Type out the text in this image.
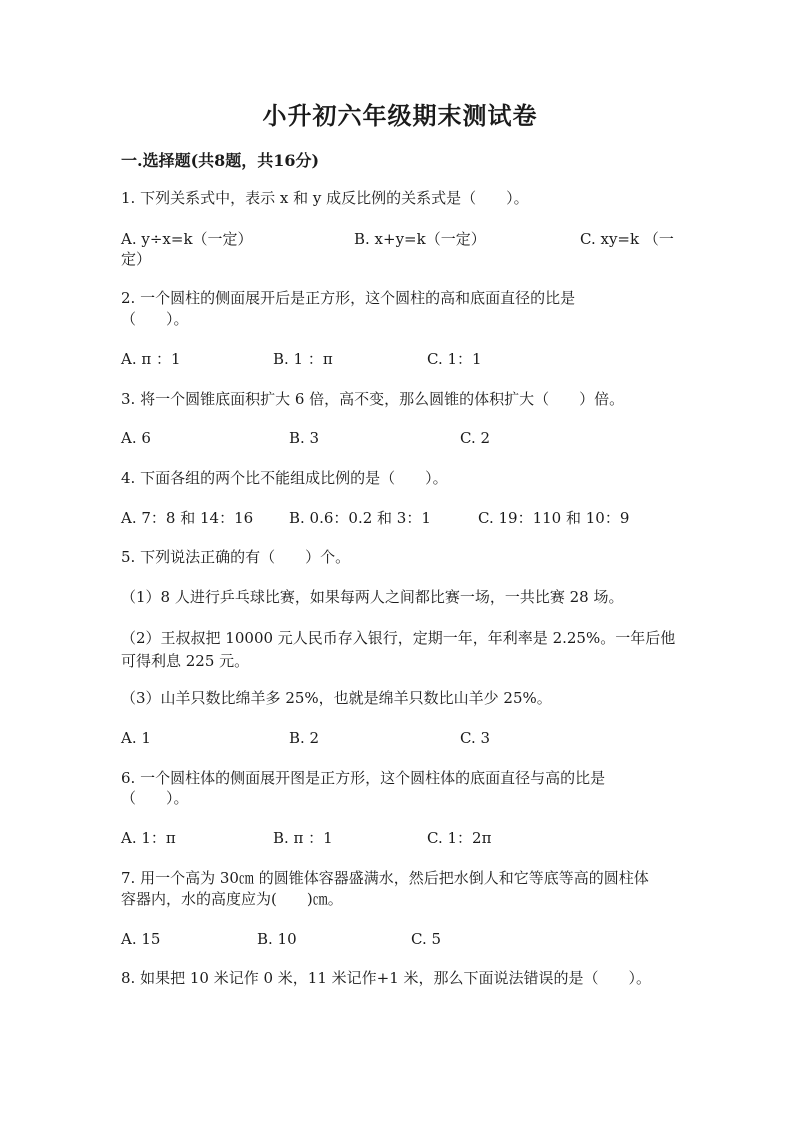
小升初六年级期末测试卷
一.选择题(共8题，共16分)
1. 下列关系式中，表示 x 和 y 成反比例的关系式是（　　）。
A. y÷x=k（一定）	B. x+y=k（一定）	C. xy=k （一
定）
2. 一个圆柱的侧面展开后是正方形，这个圆柱的高和底面直径的比是
（　　）。
A. π ：1	B. 1 ：π	C. 1：1
3. 将一个圆锥底面积扩大 6 倍，高不变，那么圆锥的体积扩大（　　）倍。
A. 6	B. 3	C. 2
4. 下面各组的两个比不能组成比例的是（　　）。
A. 7：8 和 14：16 B. 0.6：0.2 和 3：1	C. 19：110 和 10：9
5. 下列说法正确的有（　　）个。
（1）8 人进行乒乓球比赛，如果每两人之间都比赛一场，一共比赛 28 场。
（2）王叔叔把 10000 元人民币存入银行，定期一年，年利率是 2.25%。一年后他可得利息 225 元。
（3）山羊只数比绵羊多 25%，也就是绵羊只数比山羊少 25%。
A. 1	B. 2	C. 3
6. 一个圆柱体的侧面展开图是正方形，这个圆柱体的底面直径与高的比是
（　　）。
A. 1：π	B. π ：1	C. 1：2π
7. 用一个高为 30㎝ 的圆锥体容器盛满水，然后把水倒人和它等底等高的圆柱体
容器内，水的高度应为(　　)㎝。
A. 15	B. 10	C. 5
8. 如果把 10 米记作 0 米，11 米记作+1 米，那么下面说法错误的是（　　）。
